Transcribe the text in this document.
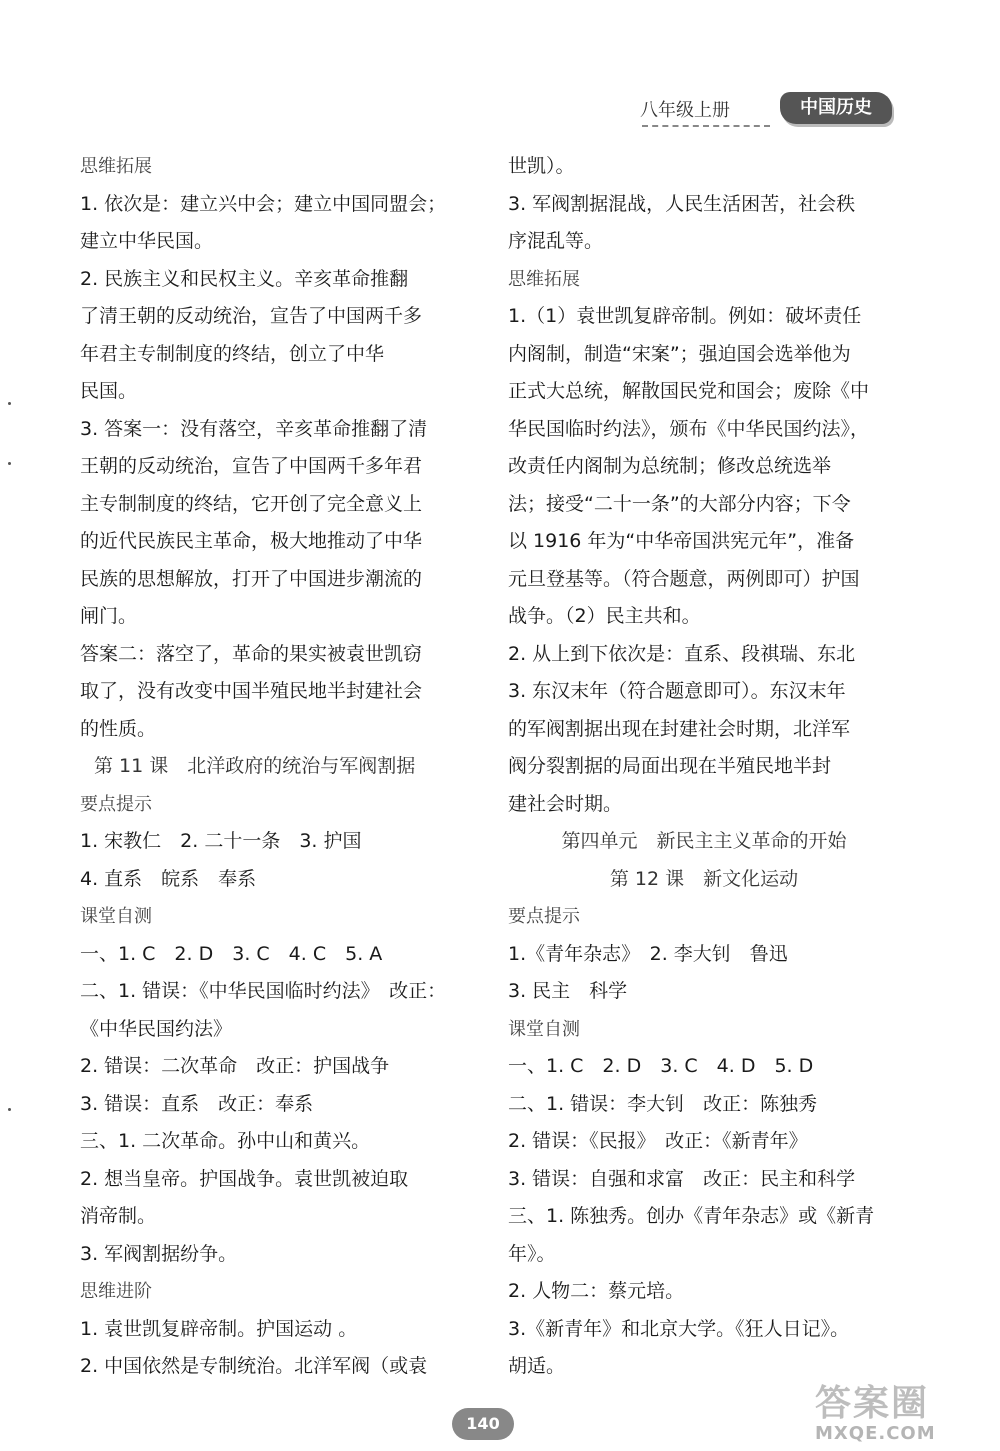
八年级上册	中国历史

思维拓展

1. 依次是：建立兴中会；建立中国同盟会；

建立中华民国。

2. 民族主义和民权主义。辛亥革命推翻

了清王朝的反动统治，宣告了中国两千多

年君主专制制度的终结，创立了中华

民国。

3. 答案一：没有落空，辛亥革命推翻了清

王朝的反动统治，宣告了中国两千多年君

主专制制度的终结，它开创了完全意义上

的近代民族民主革命，极大地推动了中华

民族的思想解放，打开了中国进步潮流的

闸门。

答案二：落空了，革命的果实被袁世凯窃

取了，没有改变中国半殖民地半封建社会

的性质。

第 11 课　北洋政府的统治与军阀割据

要点提示

1. 宋教仁　2. 二十一条　3. 护国

4. 直系　皖系　奉系

课堂自测

一、1. C　2. D　3. C　4. C　5. A

二、1. 错误：《中华民国临时约法》　改正：

《中华民国约法》

2. 错误：二次革命　改正：护国战争

3. 错误：直系　改正：奉系

三、1. 二次革命。孙中山和黄兴。

2. 想当皇帝。护国战争。袁世凯被迫取

消帝制。

3. 军阀割据纷争。

思维进阶

1. 袁世凯复辟帝制。护国运动 。

2. 中国依然是专制统治。北洋军阀（或袁

世凯）。

3. 军阀割据混战，人民生活困苦，社会秩

序混乱等。

思维拓展

1.（1）袁世凯复辟帝制。例如：破坏责任

内阁制，制造“宋案”；强迫国会选举他为

正式大总统，解散国民党和国会；废除《中

华民国临时约法》，颁布《中华民国约法》，

改责任内阁制为总统制；修改总统选举

法；接受“二十一条”的大部分内容；下令

以 1916 年为“中华帝国洪宪元年”，准备

元旦登基等。（符合题意，两例即可）护国

战争。（2）民主共和。

2. 从上到下依次是：直系、段祺瑞、东北

3. 东汉末年（符合题意即可）。东汉末年

的军阀割据出现在封建社会时期，北洋军

阀分裂割据的局面出现在半殖民地半封

建社会时期。

第四单元　新民主主义革命的开始

第 12 课　新文化运动

要点提示

1.《青年杂志》　2. 李大钊　鲁迅

3. 民主　科学

课堂自测

一、1. C　2. D　3. C　4. D　5. D

二、1. 错误：李大钊　改正：陈独秀

2. 错误：《民报》　改正：《新青年》

3. 错误：自强和求富　改正：民主和科学

三、1. 陈独秀。创办《青年杂志》或《新青

年》。

2. 人物二：蔡元培。

3.《新青年》和北京大学。《狂人日记》。

胡适。

140	答案圈
MXQE.COM
